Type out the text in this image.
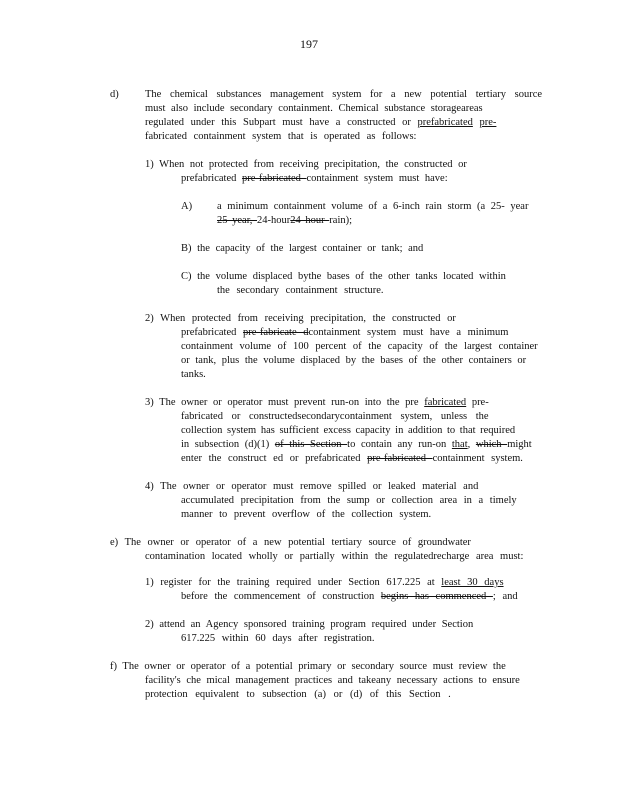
197
d)	The chemical substances management system for a new potential tertiary source
must also include secondary containment. Chemical substance storageareas
regulated under this Subpart must have a constructed or prefabricated pre-
fabricated containment system that is operated as follows:
1) When not protected from receiving precipitation, the constructed or
prefabricated pre-fabricated containment system must have:
A) a minimum containment volume of a 6-inch rain storm (a 25- year
25 year, 24-hour24 hour rain);
B) the capacity of the largest container or tank; and
C) the volume displaced bythe bases of the other tanks located within
the secondary containment structure.
2) When protected from receiving precipitation, the constructed or
prefabricated pre-fabricate dcontainment system must have a minimum
containment volume of 100 percent of the capacity of the largest container
or tank, plus the volume displaced by the bases of the other containers or
tanks.
3) The owner or operator must prevent run-on into the pre fabricated pre-
fabricated or constructedsecondarycontainment system, unless the
collection system has sufficient excess capacity in addition to that required
in subsection (d)(1) of this Section to contain any run-on that, which might
enter the construct ed or prefabricated pre-fabricated containment system.
4) The owner or operator must remove spilled or leaked material and
accumulated precipitation from the sump or collection area in a timely
manner to prevent overflow of the collection system.
e) The owner or operator of a new potential tertiary source of groundwater
contamination located wholly or partially within the regulatedrecharge area must:
1) register for the training required under Section 617.225 at least 30 days
before the commencement of construction begins has commenced ; and
2) attend an Agency sponsored training program required under Section
617.225 within 60 days after registration.
f) The owner or operator of a potential primary or secondary source must review the
facility's che mical management practices and takeany necessary actions to ensure
protection equivalent to subsection (a) or (d) of this Section .
